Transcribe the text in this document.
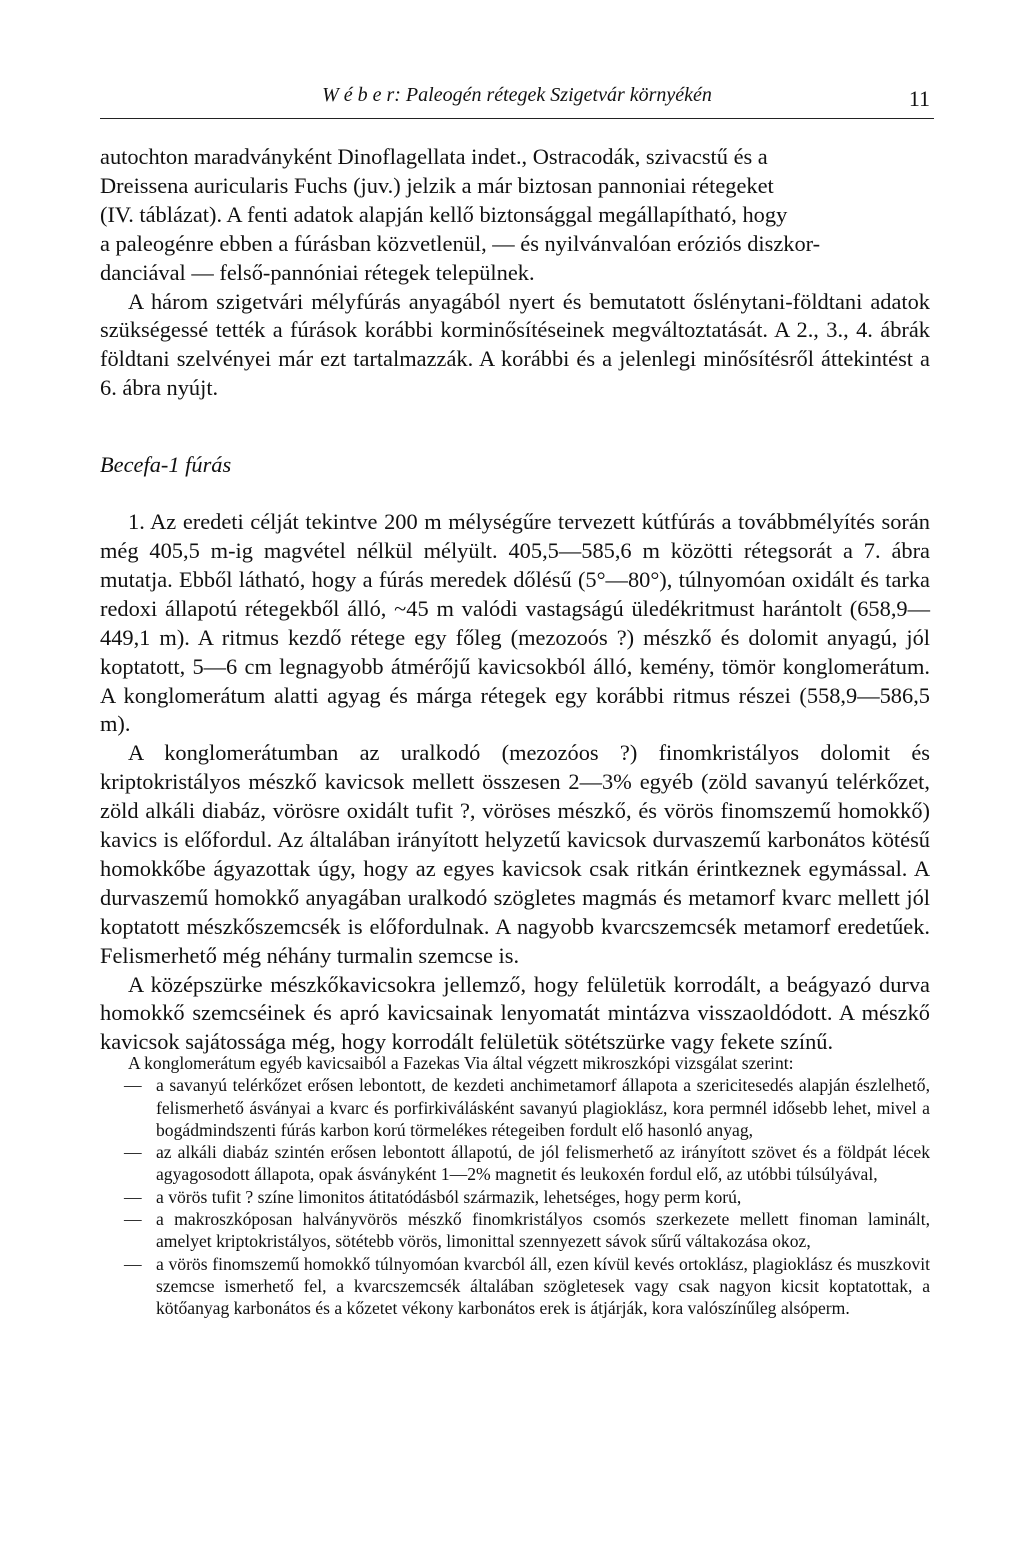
W é b e r: Paleogén rétegek Szigetvár környékén	11

autochton maradványként Dinoflagellata indet., Ostracodák, szivacstű és a

Dreissena auricularis Fuchs (juv.) jelzik a már biztosan pannoniai rétegeket

(IV. táblázat). A fenti adatok alapján kellő biztonsággal megállapítható, hogy

a paleogénre ebben a fúrásban közvetlenül, — és nyilvánvalóan eróziós diszkor-

danciával — felső-pannóniai rétegek települnek.

A három szigetvári mélyfúrás anyagából nyert és bemutatott őslénytani-földtani adatok szükségessé tették a fúrások korábbi korminősítéseinek megváltoztatását. A 2., 3., 4. ábrák földtani szelvényei már ezt tartalmazzák. A korábbi és a jelenlegi minősítésről áttekintést a 6. ábra nyújt.

Becefa-1 fúrás

1. Az eredeti célját tekintve 200 m mélységűre tervezett kútfúrás a továbbmélyítés során még 405,5 m-ig magvétel nélkül mélyült. 405,5—585,6 m közötti rétegsorát a 7. ábra mutatja. Ebből látható, hogy a fúrás meredek dőlésű (5°—80°), túlnyomóan oxidált és tarka redoxi állapotú rétegekből álló, ~45 m valódi vastagságú üledékritmust harántolt (658,9—449,1 m). A ritmus kezdő rétege egy főleg (mezozoós ?) mészkő és dolomit anyagú, jól koptatott, 5—6 cm legnagyobb átmérőjű kavicsokból álló, kemény, tömör konglomerátum. A konglomerátum alatti agyag és márga rétegek egy korábbi ritmus részei (558,9—586,5 m).

A konglomerátumban az uralkodó (mezozóos ?) finomkristályos dolomit és kriptokristályos mészkő kavicsok mellett összesen 2—3% egyéb (zöld savanyú telérkőzet, zöld alkáli diabáz, vörösre oxidált tufit ?, vöröses mészkő, és vörös finomszemű homokkő) kavics is előfordul. Az általában irányított helyzetű kavicsok durvaszemű karbonátos kötésű homokkőbe ágyazottak úgy, hogy az egyes kavicsok csak ritkán érintkeznek egymással. A durvaszemű homokkő anyagában uralkodó szögletes magmás és metamorf kvarc mellett jól koptatott mészkőszemcsék is előfordulnak. A nagyobb kvarcszemcsék metamorf eredetűek. Felismerhető még néhány turmalin szemcse is.

A középszürke mészkőkavicsokra jellemző, hogy felületük korrodált, a beágyazó durva homokkő szemcséinek és apró kavicsainak lenyomatát mintázva visszaoldódott. A mészkő kavicsok sajátossága még, hogy korrodált felületük sötétszürke vagy fekete színű.

A konglomerátum egyéb kavicsaiból a Fazekas Via által végzett mikroszkópi vizsgálat szerint:

— a savanyú telérkőzet erősen lebontott, de kezdeti anchimetamorf állapota a szericitesedés alapján észlelhető, felismerhető ásványai a kvarc és porfirkiválásként savanyú plagioklász, kora permnél idősebb lehet, mivel a bogádmindszenti fúrás karbon korú törmelékes rétegeiben fordult elő hasonló anyag,

— az alkáli diabáz szintén erősen lebontott állapotú, de jól felismerhető az irányított szövet és a földpát lécek agyagosodott állapota, opak ásványként 1—2% magnetit és leukoxén fordul elő, az utóbbi túlsúlyával,

— a vörös tufit ? színe limonitos átitatódásból származik, lehetséges, hogy perm korú,

— a makroszkóposan halványvörös mészkő finomkristályos csomós szerkezete mellett finoman laminált, amelyet kriptokristályos, sötétebb vörös, limonittal szennyezett sávok sűrű váltakozása okoz,

— a vörös finomszemű homokkő túlnyomóan kvarcból áll, ezen kívül kevés ortoklász, plagioklász és muszkovit szemcse ismerhető fel, a kvarcszemcsék általában szögletesek vagy csak nagyon kicsit koptatottak, a kötőanyag karbonátos és a kőzetet vékony karbonátos erek is átjárják, kora valószínűleg alsóperm.
